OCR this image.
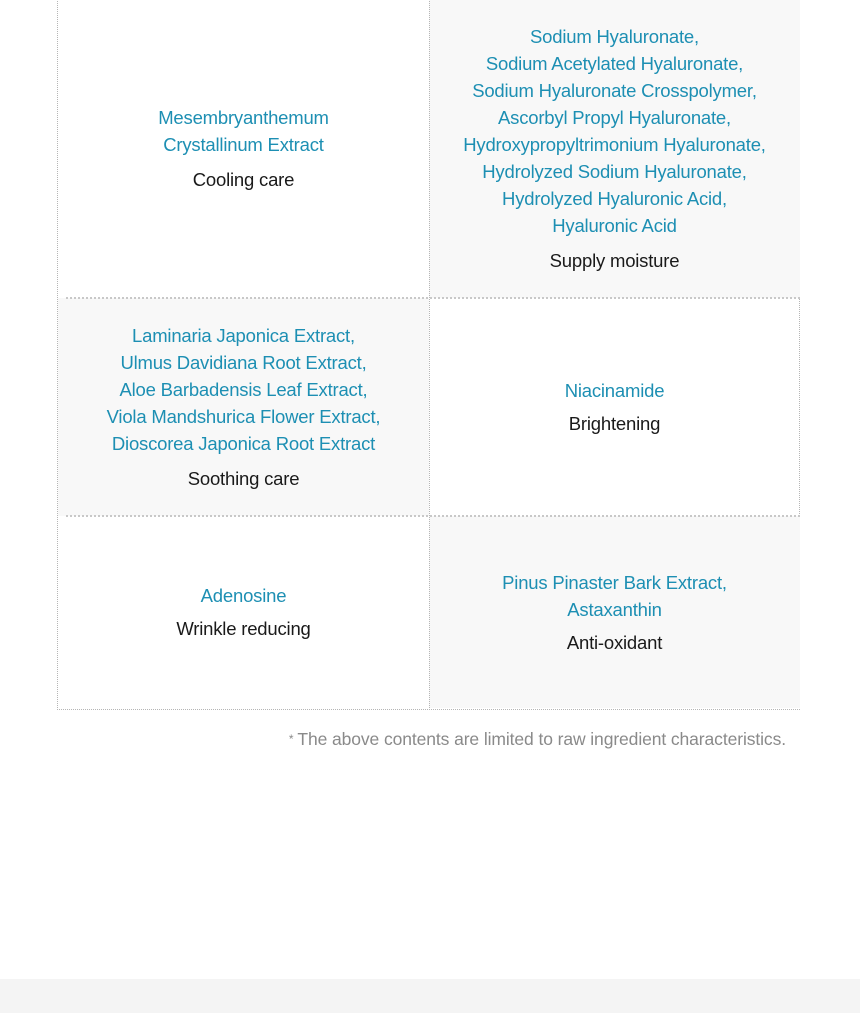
Mesembryanthemum
Crystallinum Extract
Cooling care
Sodium Hyaluronate,
Sodium Acetylated Hyaluronate,
Sodium Hyaluronate Crosspolymer,
Ascorbyl Propyl Hyaluronate,
Hydroxypropyltrimonium Hyaluronate,
Hydrolyzed Sodium Hyaluronate,
Hydrolyzed Hyaluronic Acid,
Hyaluronic Acid
Supply moisture
Laminaria Japonica Extract,
Ulmus Davidiana Root Extract,
Aloe Barbadensis Leaf Extract,
Viola Mandshurica Flower Extract,
Dioscorea Japonica Root Extract
Soothing care
Niacinamide
Brightening
Adenosine
Wrinkle reducing
Pinus Pinaster Bark Extract,
Astaxanthin
Anti-oxidant
* The above contents are limited to raw ingredient characteristics.
